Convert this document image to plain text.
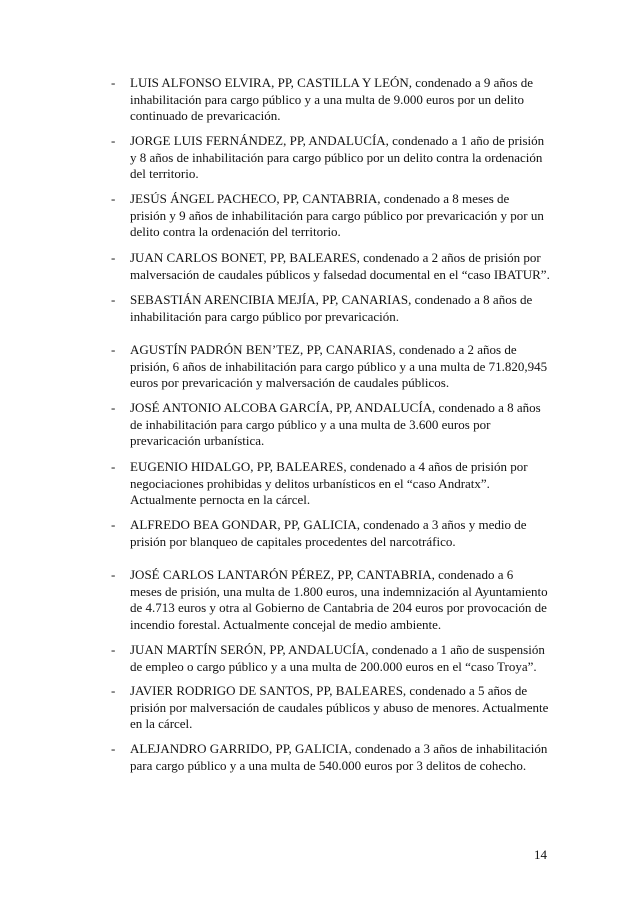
- LUIS ALFONSO ELVIRA, PP, CASTILLA Y LEÓN, condenado a 9 años de
inhabilitación para cargo público y a una multa de 9.000 euros por un delito
continuado de prevaricación.
- JORGE LUIS FERNÁNDEZ, PP, ANDALUCÍA, condenado a 1 año de prisión
y 8 años de inhabilitación para cargo público por un delito contra la ordenación
del territorio.
- JESÚS ÁNGEL PACHECO, PP, CANTABRIA, condenado a 8 meses de
prisión y 9 años de inhabilitación para cargo público por prevaricación y por un
delito contra la ordenación del territorio.
- JUAN CARLOS BONET, PP, BALEARES, condenado a 2 años de prisión por
malversación de caudales públicos y falsedad documental en el “caso IBATUR”.
- SEBASTIÁN ARENCIBIA MEJÍA, PP, CANARIAS, condenado a 8 años de
inhabilitación para cargo público por prevaricación.
- AGUSTÍN PADRÓN BEN’TEZ, PP, CANARIAS, condenado a 2 años de
prisión, 6 años de inhabilitación para cargo público y a una multa de 71.820,945
euros por prevaricación y malversación de caudales públicos.
- JOSÉ ANTONIO ALCOBA GARCÍA, PP, ANDALUCÍA, condenado a 8 años
de inhabilitación para cargo público y a una multa de 3.600 euros por
prevaricación urbanística.
- EUGENIO HIDALGO, PP, BALEARES, condenado a 4 años de prisión por
negociaciones prohibidas y delitos urbanísticos en el “caso Andratx”.
Actualmente pernocta en la cárcel.
- ALFREDO BEA GONDAR, PP, GALICIA, condenado a 3 años y medio de
prisión por blanqueo de capitales procedentes del narcotráfico.
- JOSÉ CARLOS LANTARÓN PÉREZ, PP, CANTABRIA, condenado a 6
meses de prisión, una multa de 1.800 euros, una indemnización al Ayuntamiento
de 4.713 euros y otra al Gobierno de Cantabria de 204 euros por provocación de
incendio forestal. Actualmente concejal de medio ambiente.
- JUAN MARTÍN SERÓN, PP, ANDALUCÍA, condenado a 1 año de suspensión
de empleo o cargo público y a una multa de 200.000 euros en el “caso Troya”.
- JAVIER RODRIGO DE SANTOS, PP, BALEARES, condenado a 5 años de
prisión por malversación de caudales públicos y abuso de menores. Actualmente
en la cárcel.
- ALEJANDRO GARRIDO, PP, GALICIA, condenado a 3 años de inhabilitación
para cargo público y a una multa de 540.000 euros por 3 delitos de cohecho.
14
